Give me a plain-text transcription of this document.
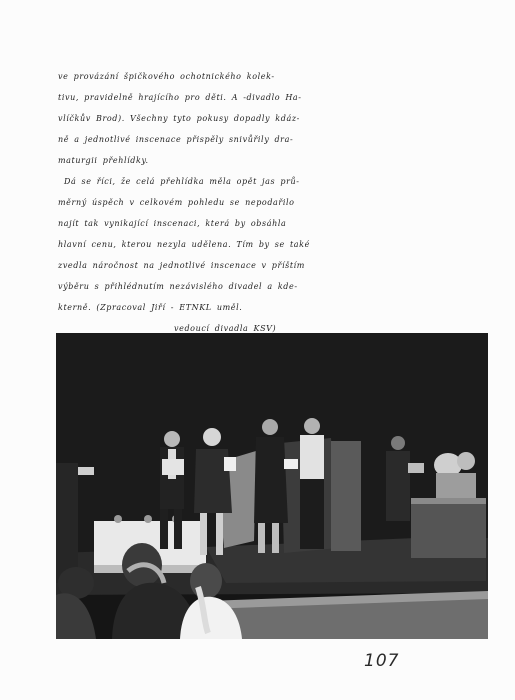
ve provázání špičkového ochotnického kolek-
tivu, pravidelně hrajícího pro děti. A -divadlo Ha-
vlíčkův Brod). Všechny tyto pokusy dopadly kdáz-
ně a jednotlivé inscenace přispěly snivůřily dra-
maturgii přehlídky.
Dá se říci, že celá přehlídka měla opět jas prů-
měrný úspěch v celkovém pohledu se nepodařilo
najít tak vynikající inscenaci, která by obsáhla
hlavní cenu, kterou nezyla udělena. Tím by se také
zvedla náročnost na jednotlivé inscenace v příštím
výběru s přihlédnutím nezávislého divadel a kde-
kterně. (Zpracoval Jiří - ETNKL uměl.
vedoucí divadla KSV)
107
